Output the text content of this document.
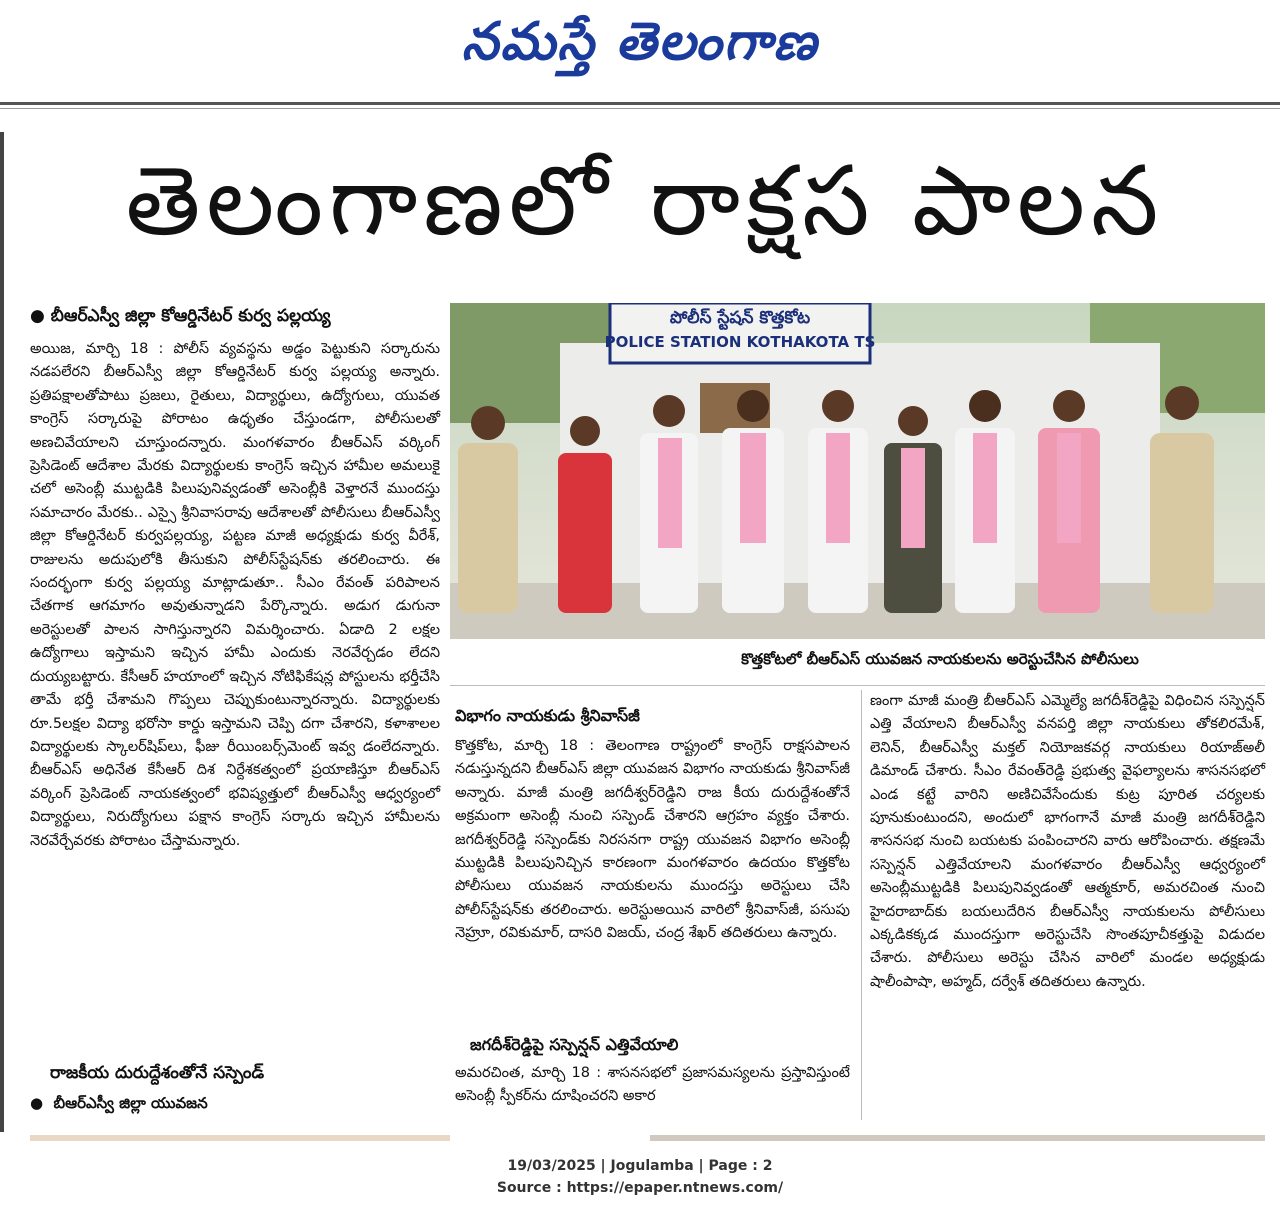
నమస్తే తెలంగాణ
తెలంగాణలో రాక్షస పాలన
● బీఆర్ఎస్వీ జిల్లా కోఆర్డినేటర్ కుర్వ పల్లయ్య

అయిజ, మార్చి 18 : పోలీస్ వ్యవస్థను అడ్డం పెట్టుకుని సర్కారును నడపలేరని బీఆర్ఎస్వీ జిల్లా కోఆర్డినేటర్ కుర్వ పల్లయ్య అన్నారు. ప్రతిపక్షాలతోపాటు ప్రజలు, రైతులు, విద్యార్థులు, ఉద్యోగులు, యువత కాంగ్రెస్ సర్కారుపై పోరాటం ఉధృతం చేస్తుండగా, పోలీసులతో అణచివేయాలని చూస్తుందన్నారు. మంగళవారం బీఆర్ఎస్ వర్కింగ్ ప్రెసిడెంట్ ఆదేశాల మేరకు విద్యార్థులకు కాంగ్రెస్ ఇచ్చిన హామీల అమలుకై చలో అసెంబ్లీ ముట్టడికి పిలుపునివ్వడంతో అసెంబ్లీకి వెళ్తారనే ముందస్తు సమాచారం మేరకు.. ఎస్సై శ్రీనివాసరావు ఆదేశాలతో పోలీసులు బీఆర్ఎస్వీ జిల్లా కోఆర్డినేటర్ కుర్వపల్లయ్య, పట్టణ మాజీ అధ్యక్షుడు కుర్వ వీరేశ్, రాజులను అదుపులోకి తీసుకుని పోలీస్‌స్టేషన్‌కు తరలించారు. ఈ సందర్భంగా కుర్వ పల్లయ్య మాట్లాడుతూ.. సీఎం రేవంత్ పరిపాలన చేతగాక ఆగమాగం అవుతున్నాడని పేర్కొన్నారు. అడుగ డుగునా అరెస్టులతో పాలన సాగిస్తున్నారని విమర్శించారు. ఏడాది 2 లక్షల ఉద్యోగాలు ఇస్తామని ఇచ్చిన హామీ ఎందుకు నెరవేర్చడం లేదని దుయ్యబట్టారు. కేసీఆర్ హయాంలో ఇచ్చిన నోటిఫికేషన్ల పోస్టులను భర్తీచేసి తామే భర్తీ చేశామని గొప్పలు చెప్పుకుంటున్నారన్నారు. విద్యార్థులకు రూ.5లక్షల విద్యా భరోసా కార్డు ఇస్తామని చెప్పి దగా చేశారని, కళాశాలల విద్యార్థులకు స్కాలర్‌షిప్‌లు, ఫీజు రీయింబర్స్‌మెంట్ ఇవ్వ డంలేదన్నారు. బీఆర్ఎస్ అధినేత కేసీఆర్ దిశ నిర్దేశకత్వంలో ప్రయాణిస్తూ బీఆర్ఎస్ వర్కింగ్ ప్రెసిడెంట్ నాయకత్వంలో భవిష్యత్తులో బీఆర్ఎస్వీ ఆధ్వర్యంలో విద్యార్థులు, నిరుద్యోగులు పక్షాన కాంగ్రెస్ సర్కారు ఇచ్చిన హామీలను నెరవేర్చేవరకు పోరాటం చేస్తామన్నారు.

రాజకీయ దురుద్దేశంతోనే సస్పెండ్
●  బీఆర్ఎస్వీ జిల్లా యువజన
పోలీస్ స్టేషన్ కొత్తకోట
POLICE STATION KOTHAKOTA TS
కొత్తకోటలో బీఆర్ఎస్ యువజన నాయకులను అరెస్టుచేసిన పోలీసులు
విభాగం నాయకుడు శ్రీనివాస్‌జీ

కొత్తకోట, మార్చి 18 : తెలంగాణ రాష్ట్రంలో కాంగ్రెస్ రాక్షసపాలన నడుస్తున్నదని బీఆర్ఎస్ జిల్లా యువజన విభాగం నాయకుడు శ్రీనివాస్‌జీ అన్నారు. మాజీ మంత్రి జగదీశ్వర్‌రెడ్డిని రాజ కీయ దురుద్దేశంతోనే అక్రమంగా అసెంబ్లీ నుంచి సస్పెండ్ చేశారని ఆగ్రహం వ్యక్తం చేశారు. జగదీశ్వర్‌రెడ్డి సస్పెండ్‌కు నిరసనగా రాష్ట్ర యువజన విభాగం అసెంబ్లీ ముట్టడికి పిలుపునిచ్చిన కారణంగా మంగళవారం ఉదయం కొత్తకోట పోలీసులు యువజన నాయకులను ముందస్తు అరెస్టులు చేసి పోలీస్‌స్టేషన్‌కు తరలించారు. అరెస్టుఅయిన వారిలో శ్రీనివాస్‌జీ, పసుపు నెహ్రూ, రవికుమార్, దాసరి విజయ్, చంద్ర శేఖర్ తదితరులు ఉన్నారు.

జగదీశ్‌రెడ్డిపై సస్పెన్షన్ ఎత్తివేయాలి

అమరచింత, మార్చి 18 : శాసనసభలో ప్రజాసమస్యలను ప్రస్తావిస్తుంటే అసెంబ్లీ స్పీకర్‌ను దూషించరని అకార

ణంగా మాజీ మంత్రి బీఆర్ఎస్ ఎమ్మెల్యే జగదీశ్‌రెడ్డిపై విధించిన సస్పెన్షన్ ఎత్తి వేయాలని బీఆర్ఎస్వీ వనపర్తి జిల్లా నాయకులు తోకలిరమేశ్, లెనిన్, బీఆర్ఎస్వీ మక్తల్ నియోజకవర్గ నాయకులు రియాజ్‌అలీ డిమాండ్ చేశారు. సీఎం రేవంత్‌రెడ్డి ప్రభుత్వ వైఫల్యాలను శాసనసభలో ఎండ కట్టే వారిని అణిచివేసేందుకు కుట్ర పూరిత చర్యలకు పూనుకుంటుందని, అందులో భాగంగానే మాజీ మంత్రి జగదీశ్‌రెడ్డిని శాసనసభ నుంచి బయటకు పంపించారని వారు ఆరోపించారు. తక్షణమే సస్పెన్షన్ ఎత్తివేయాలని మంగళవారం బీఆర్ఎస్వీ ఆధ్వర్యంలో అసెంబ్లీముట్టడికి పిలుపునివ్వడంతో ఆత్మకూర్, అమరచింత నుంచి హైదరాబాద్‌కు బయలుదేరిన బీఆర్ఎస్వీ నాయకులను పోలీసులు ఎక్కడికక్కడ ముందస్తుగా అరెస్టుచేసి సొంతపూచీకత్తుపై విడుదల చేశారు. పోలీసులు అరెస్టు చేసిన వారిలో మండల అధ్యక్షుడు షాలీంపాషా, అహ్మద్, దర్వేశ్ తదితరులు ఉన్నారు.

19/03/2025 | Jogulamba | Page : 2
Source : https://epaper.ntnews.com/
